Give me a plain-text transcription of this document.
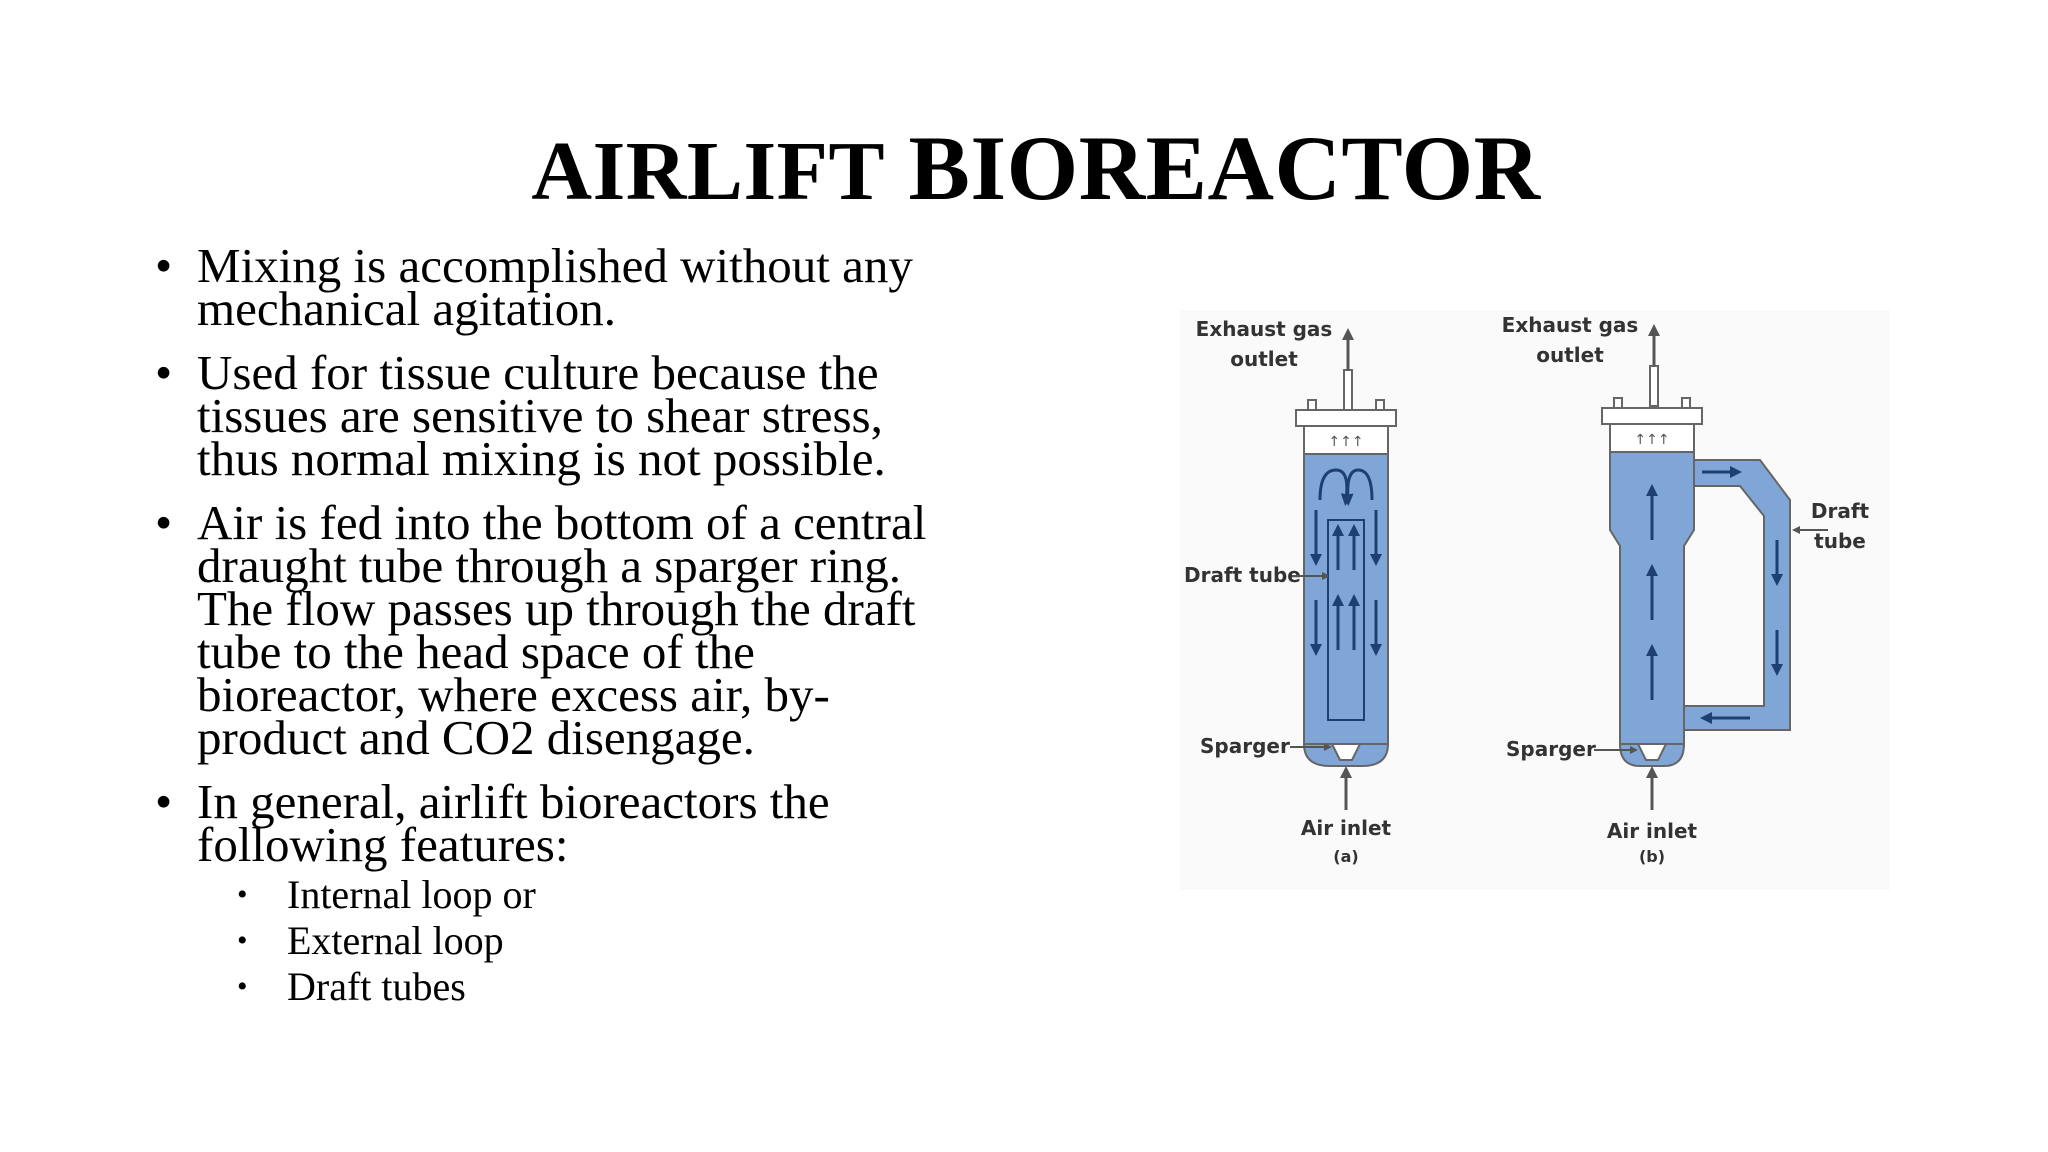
AIRLIFT BIOREACTOR
• Mixing is accomplished without any
mechanical agitation.
• Used for tissue culture because the
tissues are sensitive to shear stress,
thus normal mixing is not possible.
• Air is fed into the bottom of a central
draught tube through a sparger ring.
The flow passes up through the draft
tube to the head space of the
bioreactor, where excess air, by-
product and CO2 disengage.
• In general, airlift bioreactors the
following features:
• Internal loop or
• External loop
• Draft tubes
↑↑↑
Exhaust gas
outlet
Draft tube
Sparger
Air inlet
(a)
↑↑↑
Exhaust gas
outlet
Draft
tube
Sparger
Air inlet
(b)
